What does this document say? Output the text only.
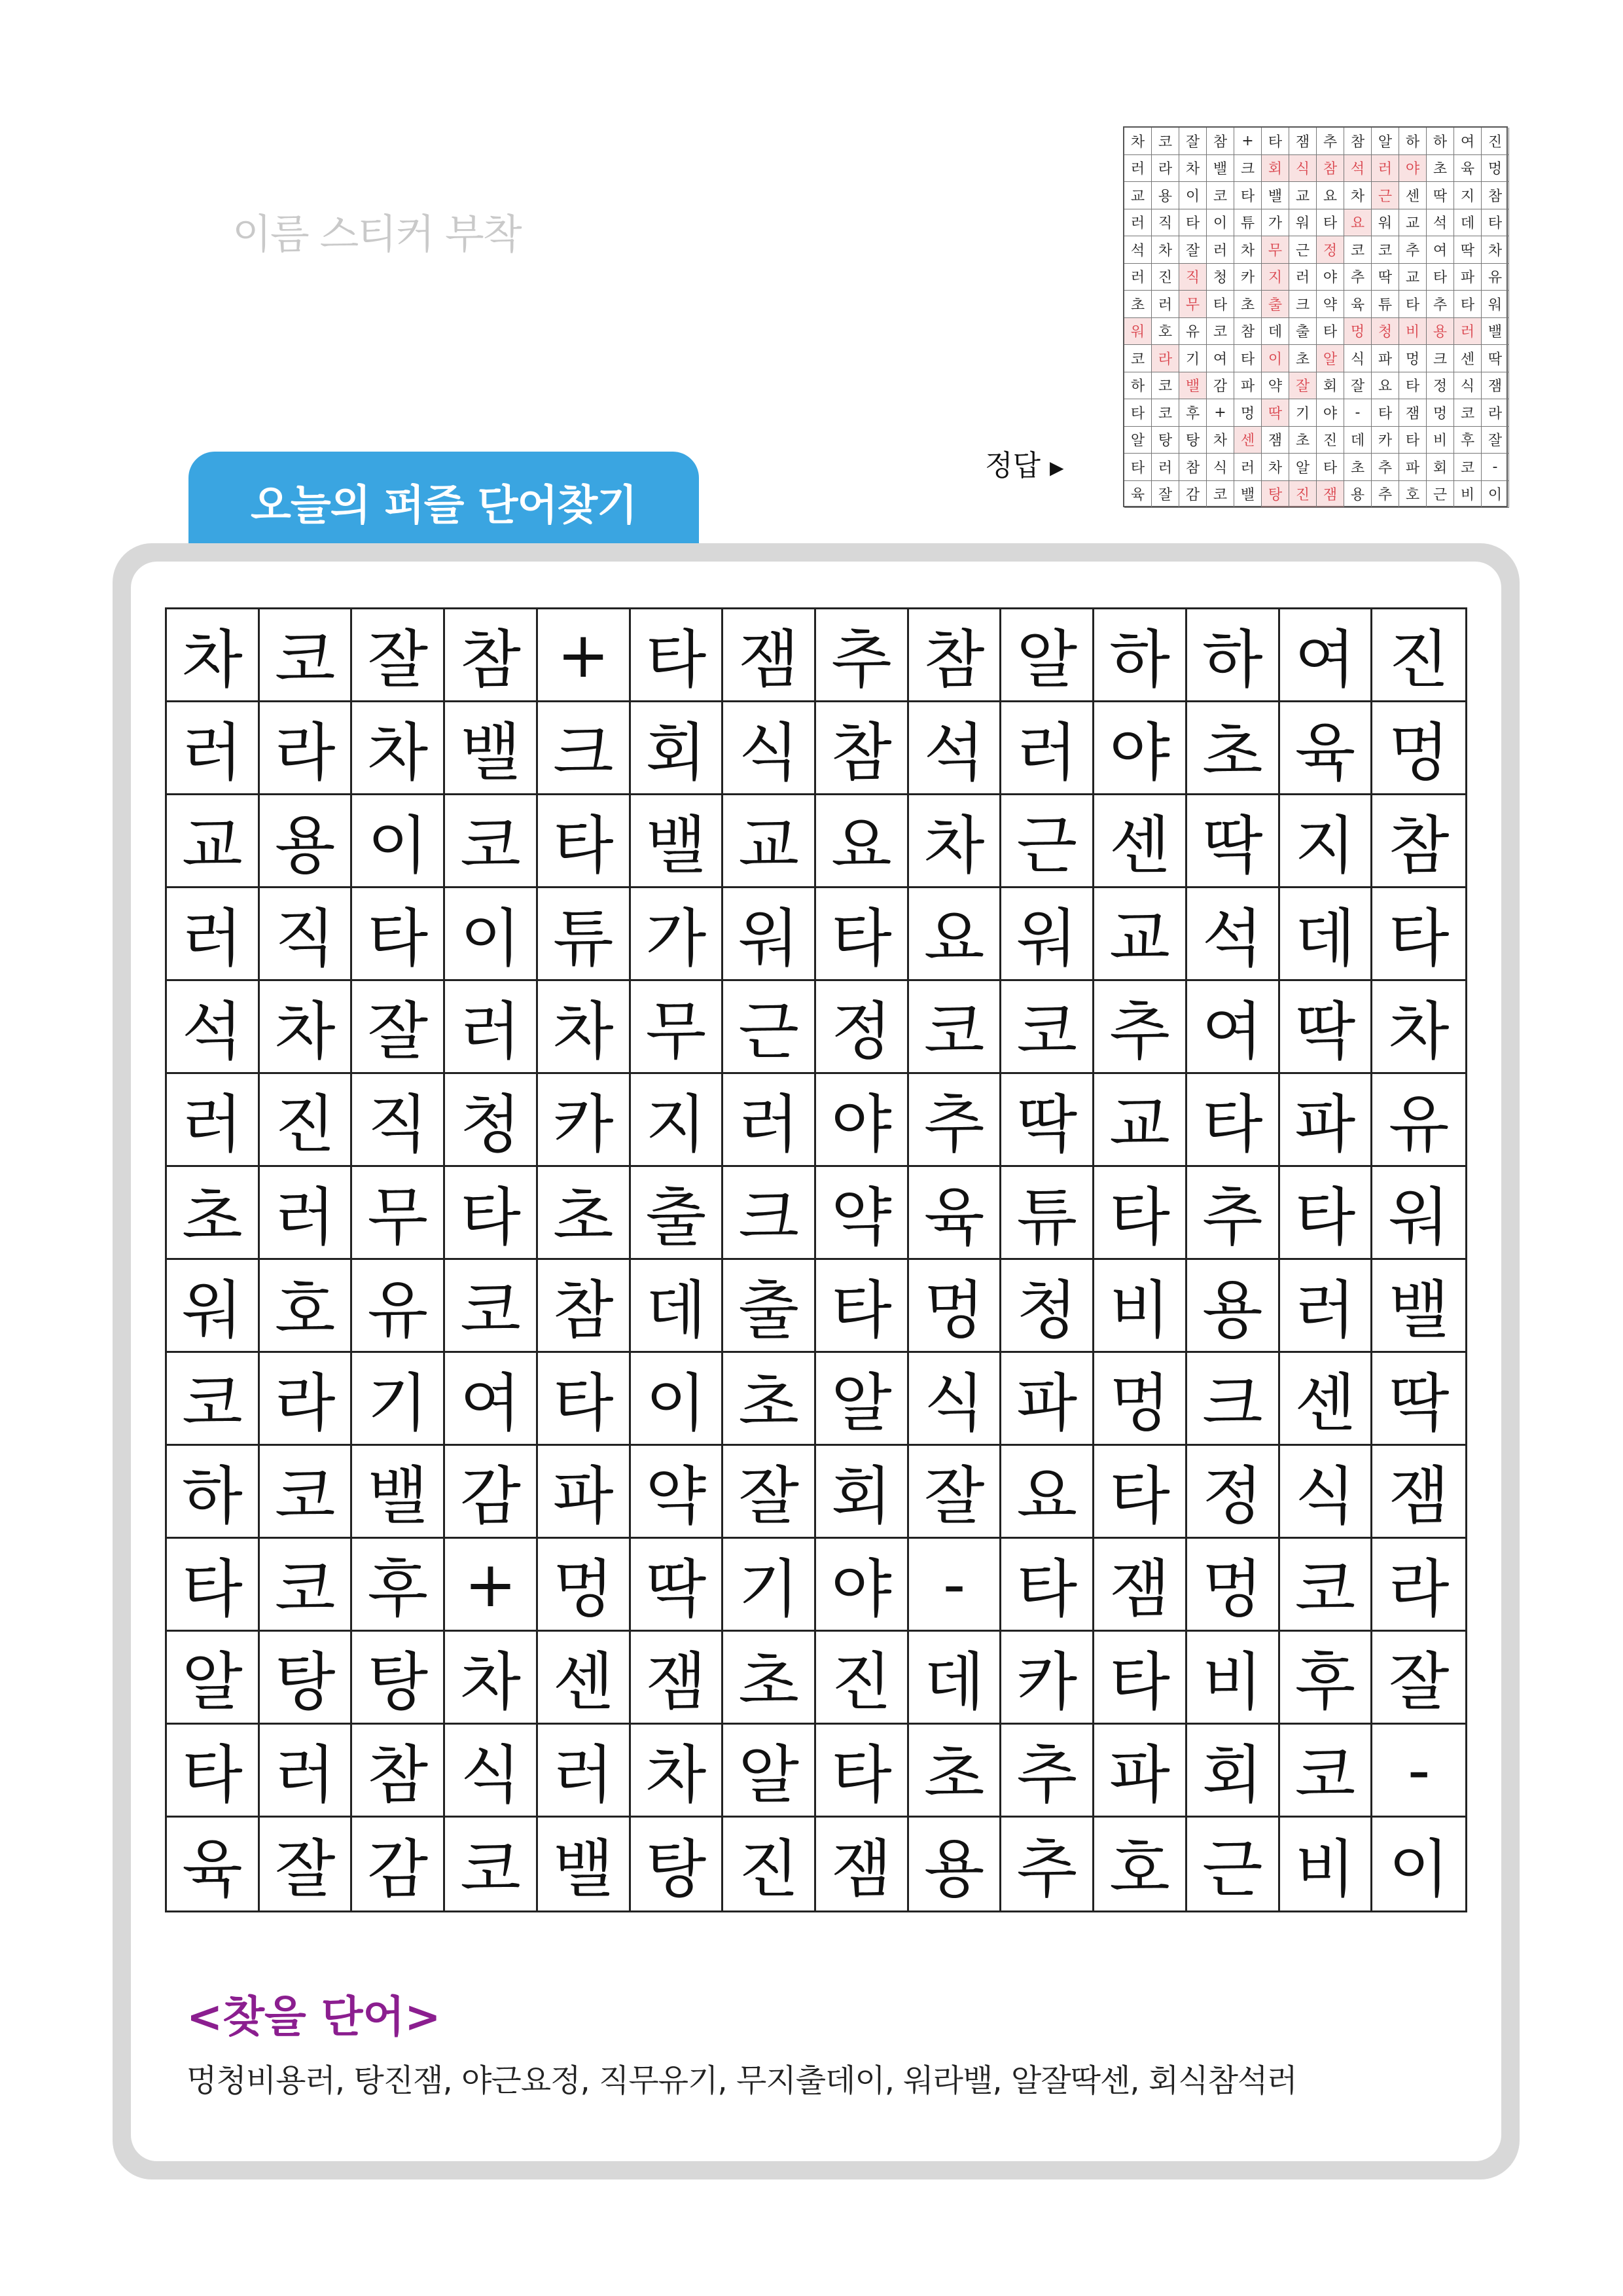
이름 스티커 부착
정답 ▶
차 코 잘 참	+	타 잼 추 참 알 하 하 여 진
러 라 차 밸 크 회 식 참 석 러 야 초 육 멍
교 용 이 코 타 밸 교 요 차 근 센 딱 지 참
러 직 타 이 튜 가 워 타 요 워 교 석 데 타
석 차 잘 러 차 무 근 정 코 코 추 여 딱 차
러 진 직 청 카 지 러 야 추 딱 교 타 파 유
초 러 무 타 초 출 크 약 육 튜 타 추 타 워
워 호 유 코 참 데 출 타 멍 청 비 용 러 밸
코 라 기 여 타 이 초 알 식 파 멍 크 센 딱
하 코 밸 감 파 약 잘 회 잘 요 타 정 식 잼
타 코 후	+	멍 딱 기 야	-	타 잼 멍 코 라
알 탕 탕 차 센 잼 초 진 데 카 타 비 후 잘
타 러 참 식 러 차 알 타 초 추 파 회 코	-
육 잘 감 코 밸 탕 진 잼 용 추 호 근 비 이
오늘의 퍼즐 단어찾기
차 코 잘 참 + 타 잼 추 참 알 하 하 여 진
러 라 차 밸 크 회 식 참 석 러 야 초 육 멍
교 용 이 코 타 밸 교 요 차 근 센 딱 지 참
러 직 타 이 튜 가 워 타 요 워 교 석 데 타
석 차 잘 러 차 무 근 정 코 코 추 여 딱 차
러 진 직 청 카 지 러 야 추 딱 교 타 파 유
초 러 무 타 초 출 크 약 육 튜 타 추 타 워
워 호 유 코 참 데 출 타 멍 청 비 용 러 밸
코 라 기 여 타 이 초 알 식 파 멍 크 센 딱
하 코 밸 감 파 약 잘 회 잘 요 타 정 식 잼
타 코 후 + 멍 딱 기 야 - 타 잼 멍 코 라
알 탕 탕 차 센 잼 초 진 데 카 타 비 후 잘
타 러 참 식 러 차 알 타 초 추 파 회 코 -
육 잘 감 코 밸 탕 진 잼 용 추 호 근 비 이
<찾을 단어>
멍청비용러, 탕진잼, 야근요정, 직무유기, 무지출데이, 워라밸, 알잘딱센, 회식참석러
